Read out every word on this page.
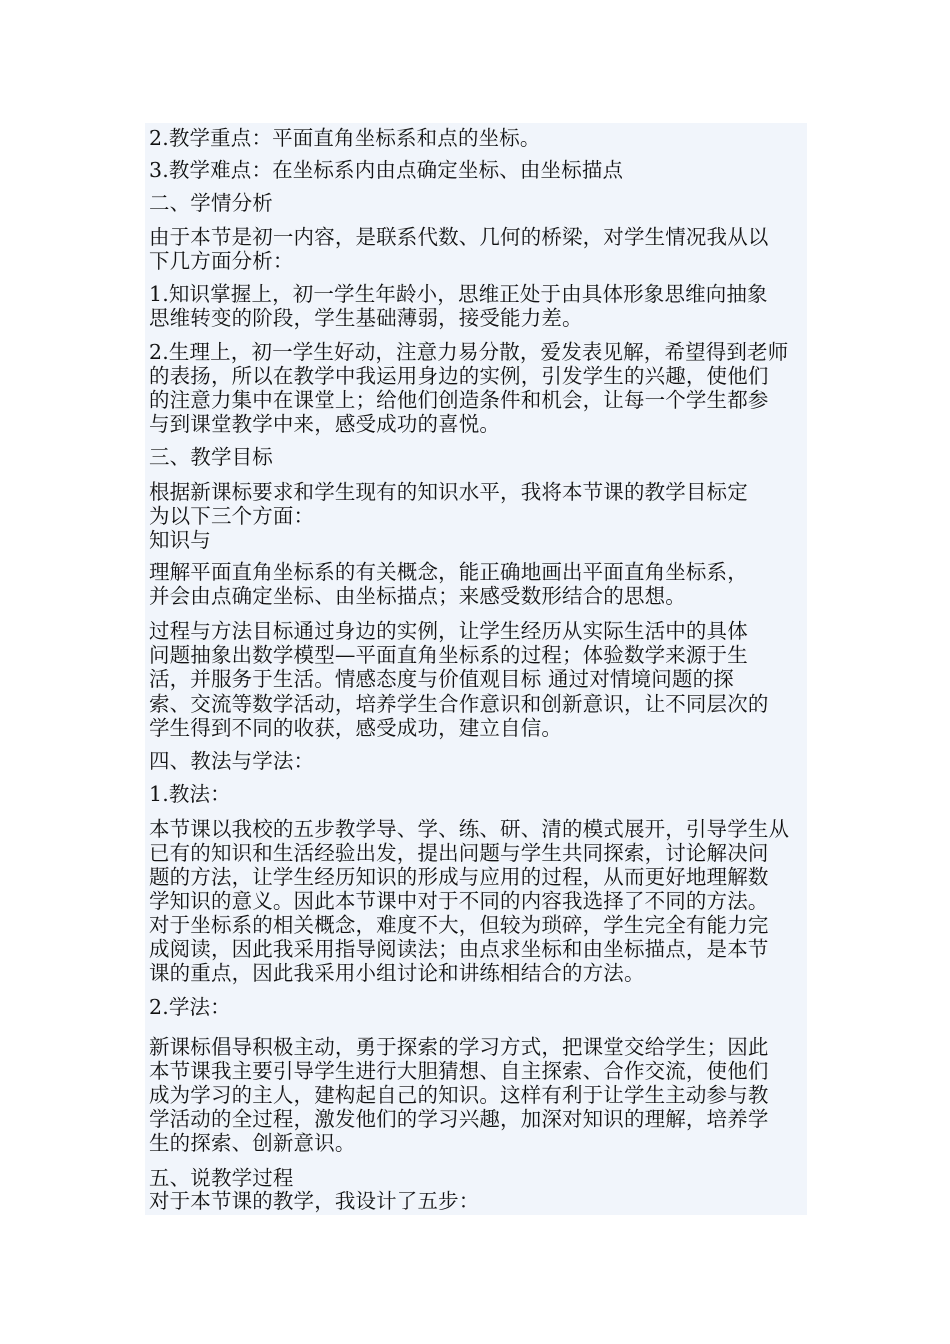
2.教学重点：平面直角坐标系和点的坐标。
3.教学难点：在坐标系内由点确定坐标、由坐标描点
二、学情分析
由于本节是初一内容，是联系代数、几何的桥梁，对学生情况我从以
下几方面分析：
1.知识掌握上，初一学生年龄小，思维正处于由具体形象思维向抽象
思维转变的阶段，学生基础薄弱，接受能力差。
2.生理上，初一学生好动，注意力易分散，爱发表见解，希望得到老师
的表扬，所以在教学中我运用身边的实例，引发学生的兴趣，使他们
的注意力集中在课堂上；给他们创造条件和机会，让每一个学生都参
与到课堂教学中来，感受成功的喜悦。
三、教学目标
根据新课标要求和学生现有的知识水平，我将本节课的教学目标定
为以下三个方面：
知识与
理解平面直角坐标系的有关概念，能正确地画出平面直角坐标系，
并会由点确定坐标、由坐标描点；来感受数形结合的思想。
过程与方法目标通过身边的实例，让学生经历从实际生活中的具体
问题抽象出数学模型—平面直角坐标系的过程；体验数学来源于生
活，并服务于生活。情感态度与价值观目标 通过对情境问题的探
索、交流等数学活动，培养学生合作意识和创新意识，让不同层次的
学生得到不同的收获，感受成功，建立自信。
四、教法与学法：
1.教法：
本节课以我校的五步教学导、学、练、研、清的模式展开，引导学生从
已有的知识和生活经验出发，提出问题与学生共同探索，讨论解决问
题的方法，让学生经历知识的形成与应用的过程，从而更好地理解数
学知识的意义。因此本节课中对于不同的内容我选择了不同的方法。
对于坐标系的相关概念，难度不大，但较为琐碎，学生完全有能力完
成阅读，因此我采用指导阅读法；由点求坐标和由坐标描点，是本节
课的重点，因此我采用小组讨论和讲练相结合的方法。
2.学法：
新课标倡导积极主动，勇于探索的学习方式，把课堂交给学生；因此
本节课我主要引导学生进行大胆猜想、自主探索、合作交流，使他们
成为学习的主人，建构起自己的知识。这样有利于让学生主动参与教
学活动的全过程，激发他们的学习兴趣，加深对知识的理解，培养学
生的探索、创新意识。
五、说教学过程
对于本节课的教学，我设计了五步：
